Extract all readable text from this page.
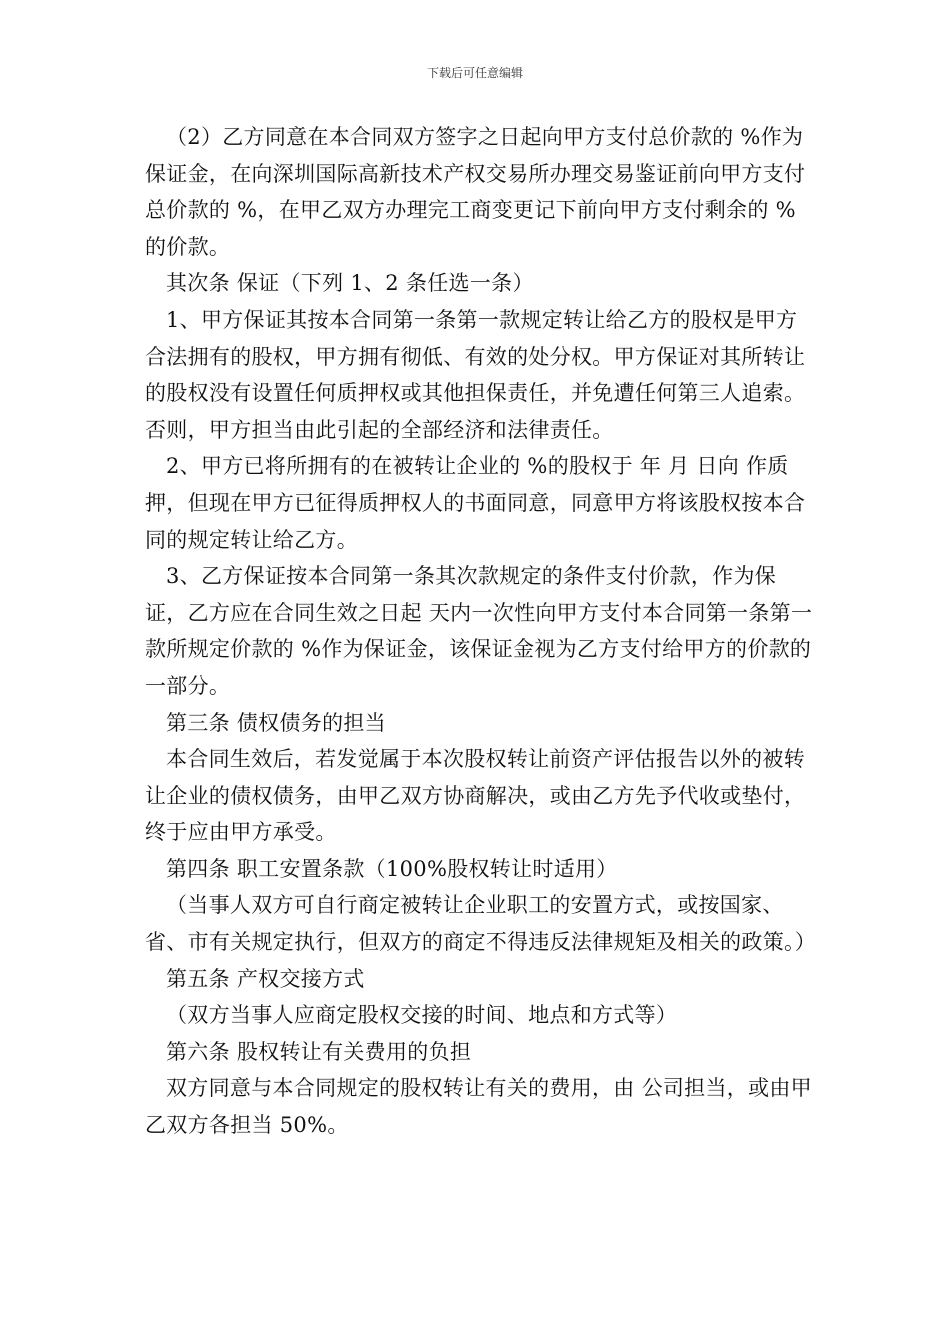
下载后可任意编辑

（2）乙方同意在本合同双方签字之日起向甲方支付总价款的 %作为保证金，在向深圳国际高新技术产权交易所办理交易鉴证前向甲方支付总价款的 %，在甲乙双方办理完工商变更记下前向甲方支付剩余的 %的价款。

其次条 保证（下列 1、2 条任选一条）

1、甲方保证其按本合同第一条第一款规定转让给乙方的股权是甲方合法拥有的股权，甲方拥有彻低、有效的处分权。甲方保证对其所转让的股权没有设置任何质押权或其他担保责任，并免遭任何第三人追索。否则，甲方担当由此引起的全部经济和法律责任。

2、甲方已将所拥有的在被转让企业的 %的股权于 年 月 日向 作质押，但现在甲方已征得质押权人的书面同意，同意甲方将该股权按本合同的规定转让给乙方。

3、乙方保证按本合同第一条其次款规定的条件支付价款，作为保证，乙方应在合同生效之日起 天内一次性向甲方支付本合同第一条第一款所规定价款的 %作为保证金，该保证金视为乙方支付给甲方的价款的一部分。

第三条 债权债务的担当

本合同生效后，若发觉属于本次股权转让前资产评估报告以外的被转让企业的债权债务，由甲乙双方协商解决，或由乙方先予代收或垫付，终于应由甲方承受。

第四条 职工安置条款（100%股权转让时适用）

（当事人双方可自行商定被转让企业职工的安置方式，或按国家、省、市有关规定执行，但双方的商定不得违反法律规矩及相关的政策。）

第五条 产权交接方式

（双方当事人应商定股权交接的时间、地点和方式等）

第六条 股权转让有关费用的负担

双方同意与本合同规定的股权转让有关的费用，由 公司担当，或由甲乙双方各担当 50%。
